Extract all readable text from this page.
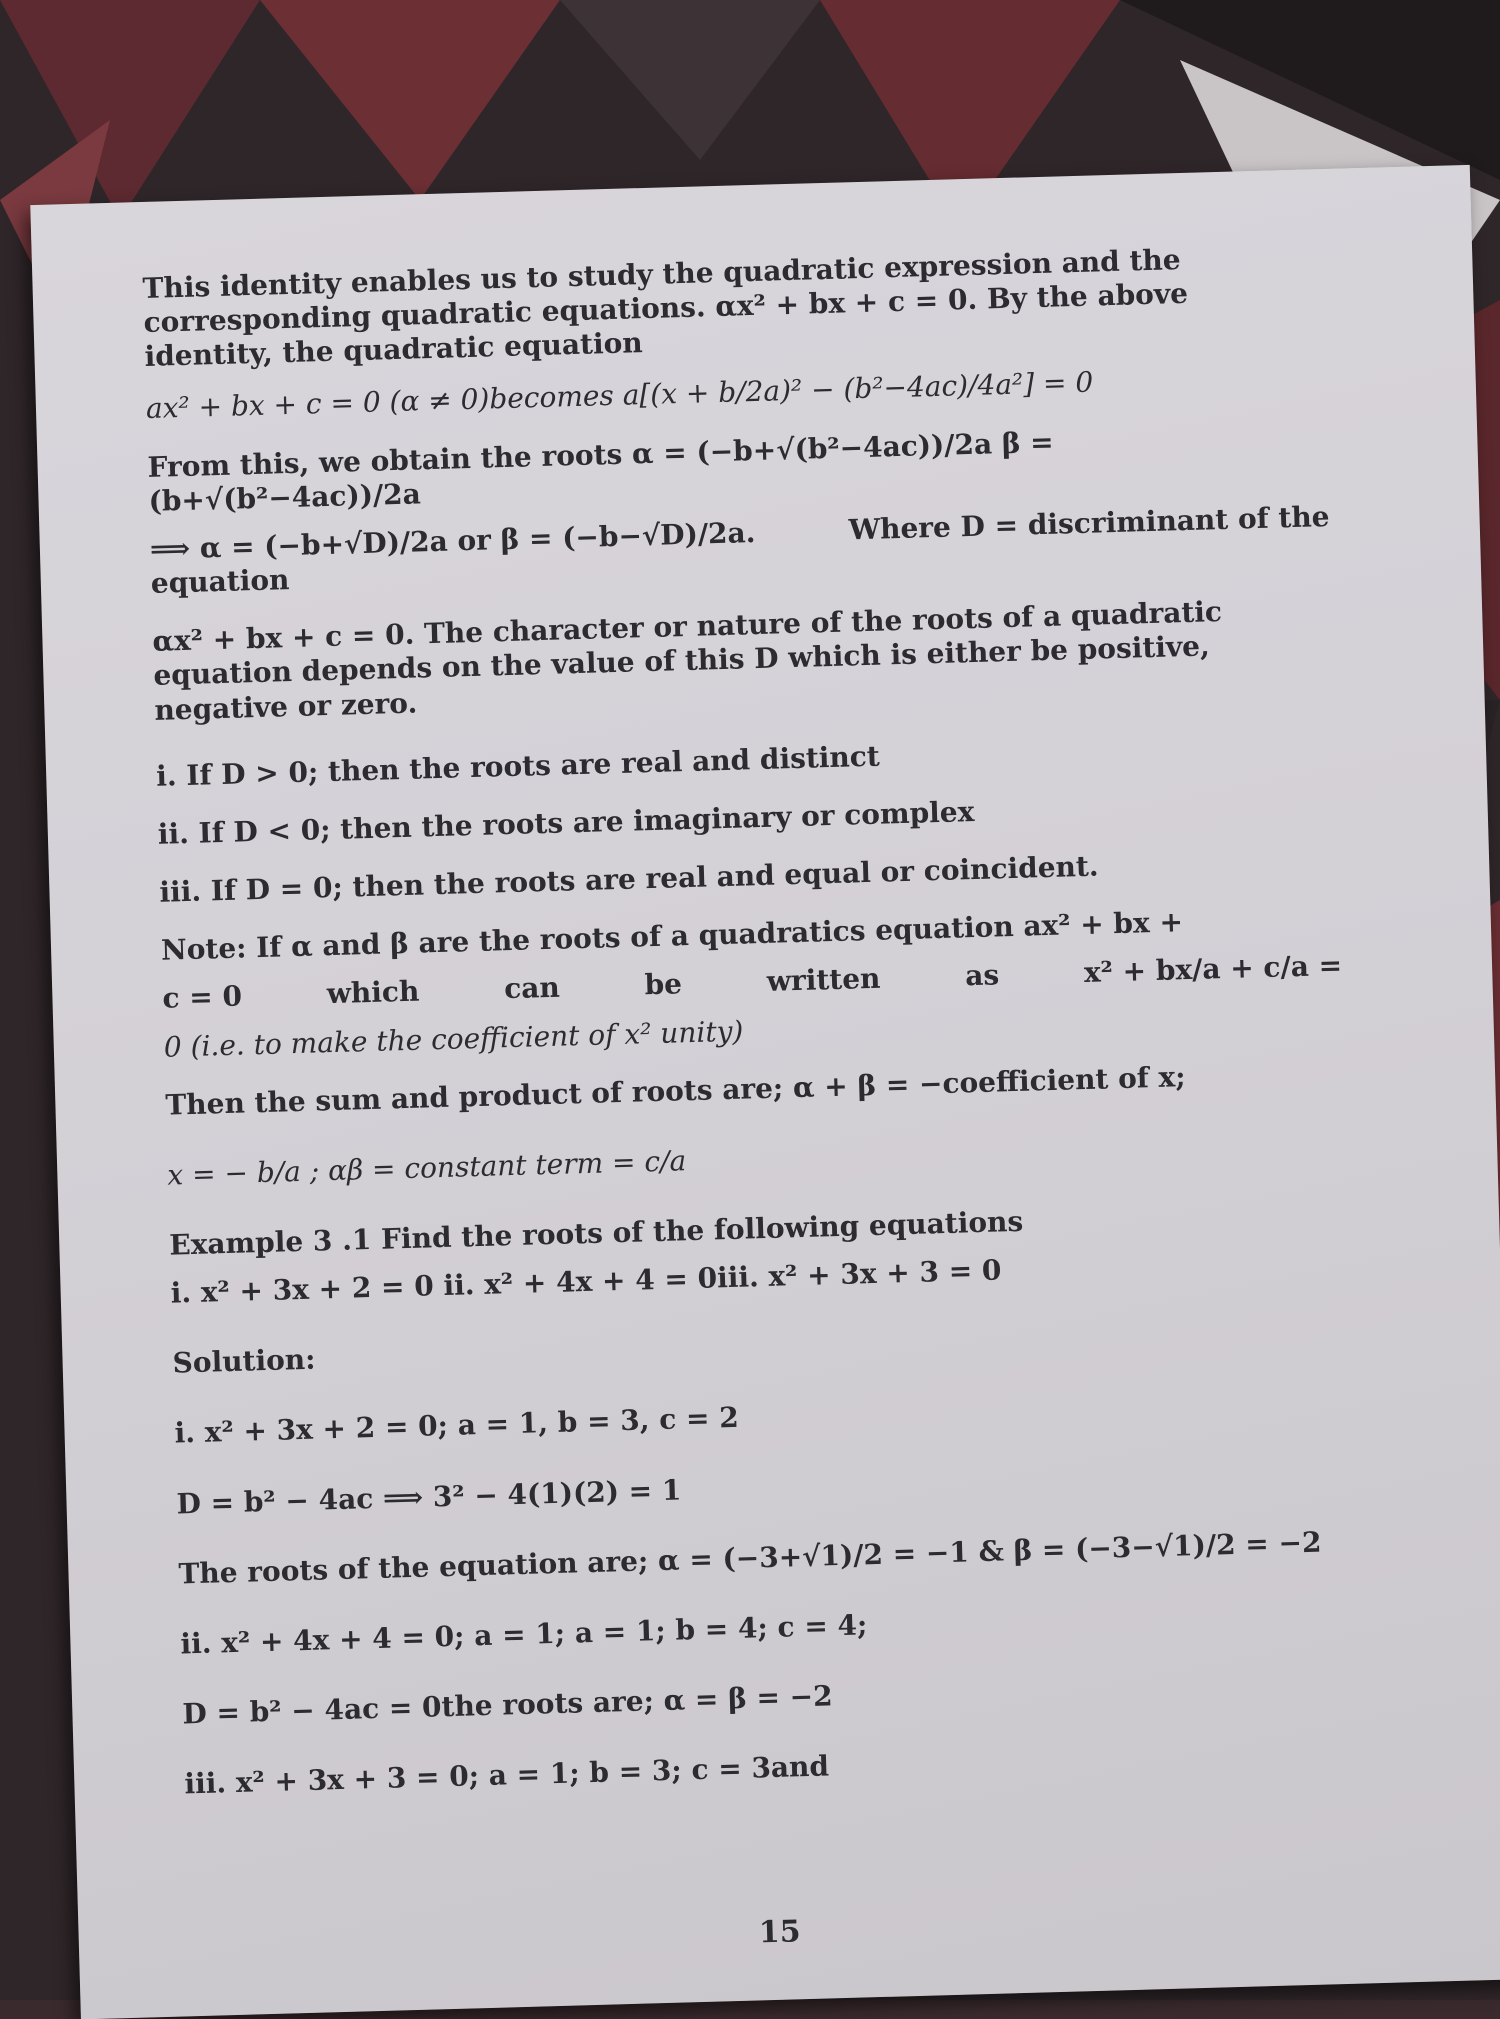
This identity enables us to study the quadratic expression and the corresponding quadratic equations. αx² + bx + c = 0. By the above identity, the quadratic equation

ax² + bx + c = 0 (α ≠ 0)becomes a[(x + b/2a)² − (b²−4ac)/4a²] = 0

From this, we obtain the roots α = (−b+√(b²−4ac))/2a β = (b+√(b²−4ac))/2a

⟹ α = (−b+√D)/2a or β = (−b−√D)/2a.	Where D = discriminant of the

equation

αx² + bx + c = 0. The character or nature of the roots of a quadratic equation depends on the value of this D which is either be positive, negative or zero.

i. If D > 0; then the roots are real and distinct

ii. If D < 0; then the roots are imaginary or complex

iii. If D = 0; then the roots are real and equal or coincident.

Note: If α and β are the roots of a quadratics equation ax² + bx +

c = 0	which	can	be	written	as	x² + bx/a + c/a =

0 (i.e. to make the coefficient of x² unity)

Then the sum and product of roots are; α + β = −coefficient of x;

x = − b/a ; αβ = constant term = c/a

Example 3 .1 Find the roots of the following equations

i. x² + 3x + 2 = 0 ii. x² + 4x + 4 = 0iii. x² + 3x + 3 = 0

Solution:

i. x² + 3x + 2 = 0; a = 1, b = 3, c = 2

D = b² − 4ac ⟹ 3² − 4(1)(2) = 1

The roots of the equation are; α = (−3+√1)/2 = −1 & β = (−3−√1)/2 = −2

ii. x² + 4x + 4 = 0; a = 1; a = 1; b = 4; c = 4;

D = b² − 4ac = 0the roots are; α = β = −2

iii. x² + 3x + 3 = 0; a = 1; b = 3; c = 3and

15
